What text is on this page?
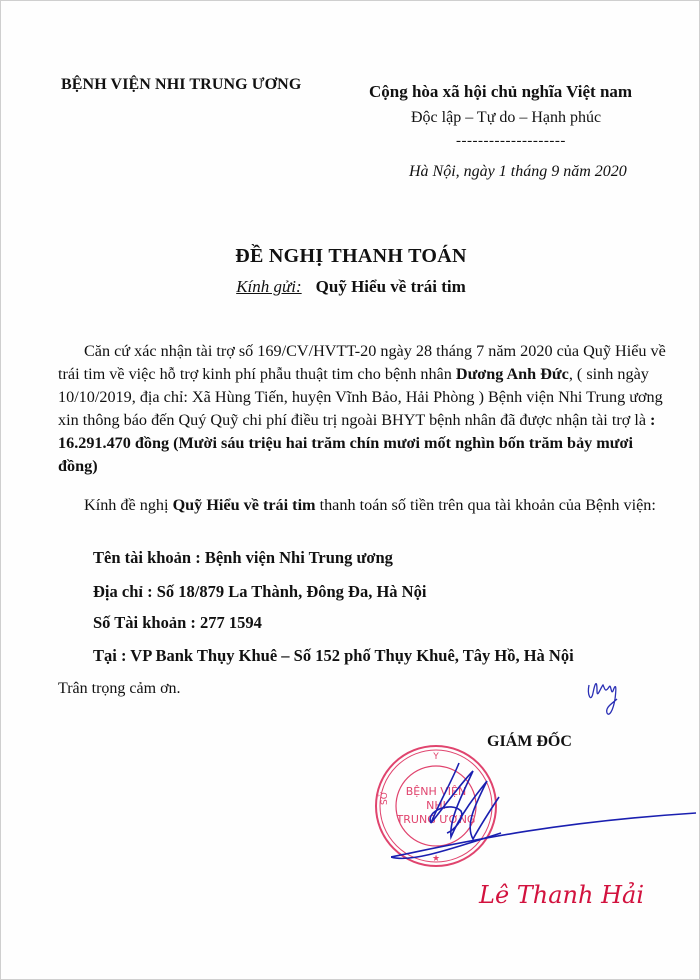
BỆNH VIỆN NHI TRUNG ƯƠNG	Cộng hòa xã hội chủ nghĩa Việt nam
Độc lập – Tự do – Hạnh phúc
--------------------
Hà Nội, ngày 1 tháng 9 năm 2020
ĐỀ NGHỊ THANH TOÁN
Kính gửi: Quỹ Hiểu về trái tim
Căn cứ xác nhận tài trợ số 169/CV/HVTT-20 ngày 28 tháng 7 năm 2020 của Quỹ Hiểu về trái tim về việc hỗ trợ kinh phí phẫu thuật tim cho bệnh nhân Dương Anh Đức, ( sinh ngày 10/10/2019, địa chỉ: Xã Hùng Tiến, huyện Vĩnh Bảo, Hải Phòng ) Bệnh viện Nhi Trung ương xin thông báo đến Quý Quỹ chi phí điều trị ngoài BHYT bệnh nhân đã được nhận tài trợ là : 16.291.470 đồng (Mười sáu triệu hai trăm chín mươi mốt nghìn bốn trăm bảy mươi đồng)
Kính đề nghị Quỹ Hiểu về trái tim thanh toán số tiền trên qua tài khoản của Bệnh viện:
Tên tài khoản : Bệnh viện Nhi Trung ương
Địa chỉ : Số 18/879 La Thành, Đông Đa, Hà Nội
Số Tài khoản : 277 1594
Tại : VP Bank Thụy Khuê – Số 152 phố Thụy Khuê, Tây Hồ, Hà Nội
Trân trọng cảm ơn.
GIÁM ĐỐC
Y
SỞ BỆNH VIỆN
NHI
TRUNG ƯƠNG
★
Lê Thanh Hải
